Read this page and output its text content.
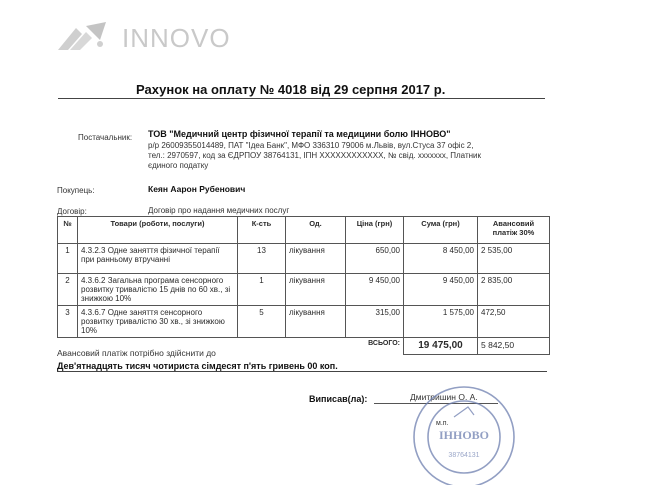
INNOVO
Рахунок на оплату № 4018 від 29 серпня 2017 р.
Постачальник: ТОВ "Медичний центр фізичної терапії та медицини болю ІННОВО"
р/р 26009355014489, ПАТ "Ідеа Банк", МФО 336310 79006 м.Львів, вул.Стуса 37 офіс 2,
тел.: 2970597, код за ЄДРПОУ 38764131, ІПН XXXXXXXXXXXX, № свід. xxxxxxx, Платник
єдиного податку
Покупець:	Кеян Аарон Рубенович
Договір:	Договір про надання медичних послуг
№	Товари (роботи, послуги)	К-сть	Од.	Ціна (грн)	Сума (грн)	Авансовий платіж 30%
1	4.3.2.3 Одне заняття фізичної терапії при ранньому втручанні	13	лікування	650,00	8 450,00	2 535,00
2	4.3.6.2 Загальна програма сенсорного розвитку тривалістю 15 днів по 60 хв., зі знижкою 10%	1	лікування	9 450,00	9 450,00	2 835,00
3	4.3.6.7 Одне заняття сенсорного розвитку тривалістю 30 хв., зі знижкою 10%	5	лікування	315,00	1 575,00	472,50
ВСЬОГО:					19 475,00	5 842,50
Авансовий платіж потрібно здійснити до
Дев'ятнадцять тисяч чотириста сімдесят п'ять гривень 00 коп.
Виписав(ла):	Дмитришин О. А.
м.п.
ІННОВО
38764131
